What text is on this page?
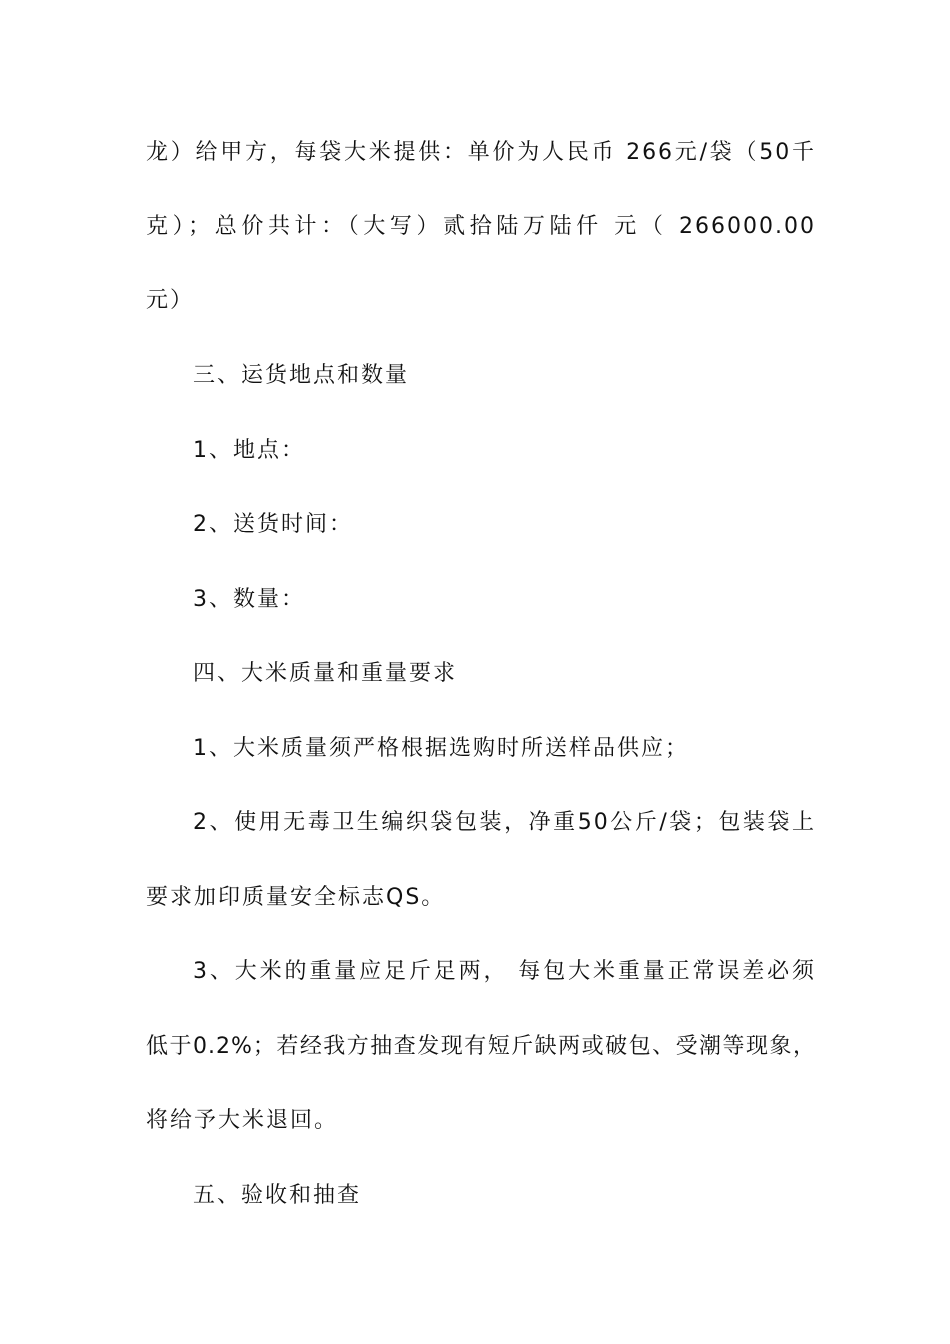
龙）给甲方，每袋大米提供：单价为人民币 266元/袋（50千
克）；总价共计：（大写）贰拾陆万陆仟 元（ 266000.00
元）
三、运货地点和数量
1、地点：
2、送货时间：
3、数量：
四、大米质量和重量要求
1、大米质量须严格根据选购时所送样品供应；
2、使用无毒卫生编织袋包装，净重50公斤/袋；包装袋上
要求加印质量安全标志QS。
3、大米的重量应足斤足两， 每包大米重量正常误差必须
低于0.2%；若经我方抽查发现有短斤缺两或破包、受潮等现象，
将给予大米退回。
五、验收和抽查
